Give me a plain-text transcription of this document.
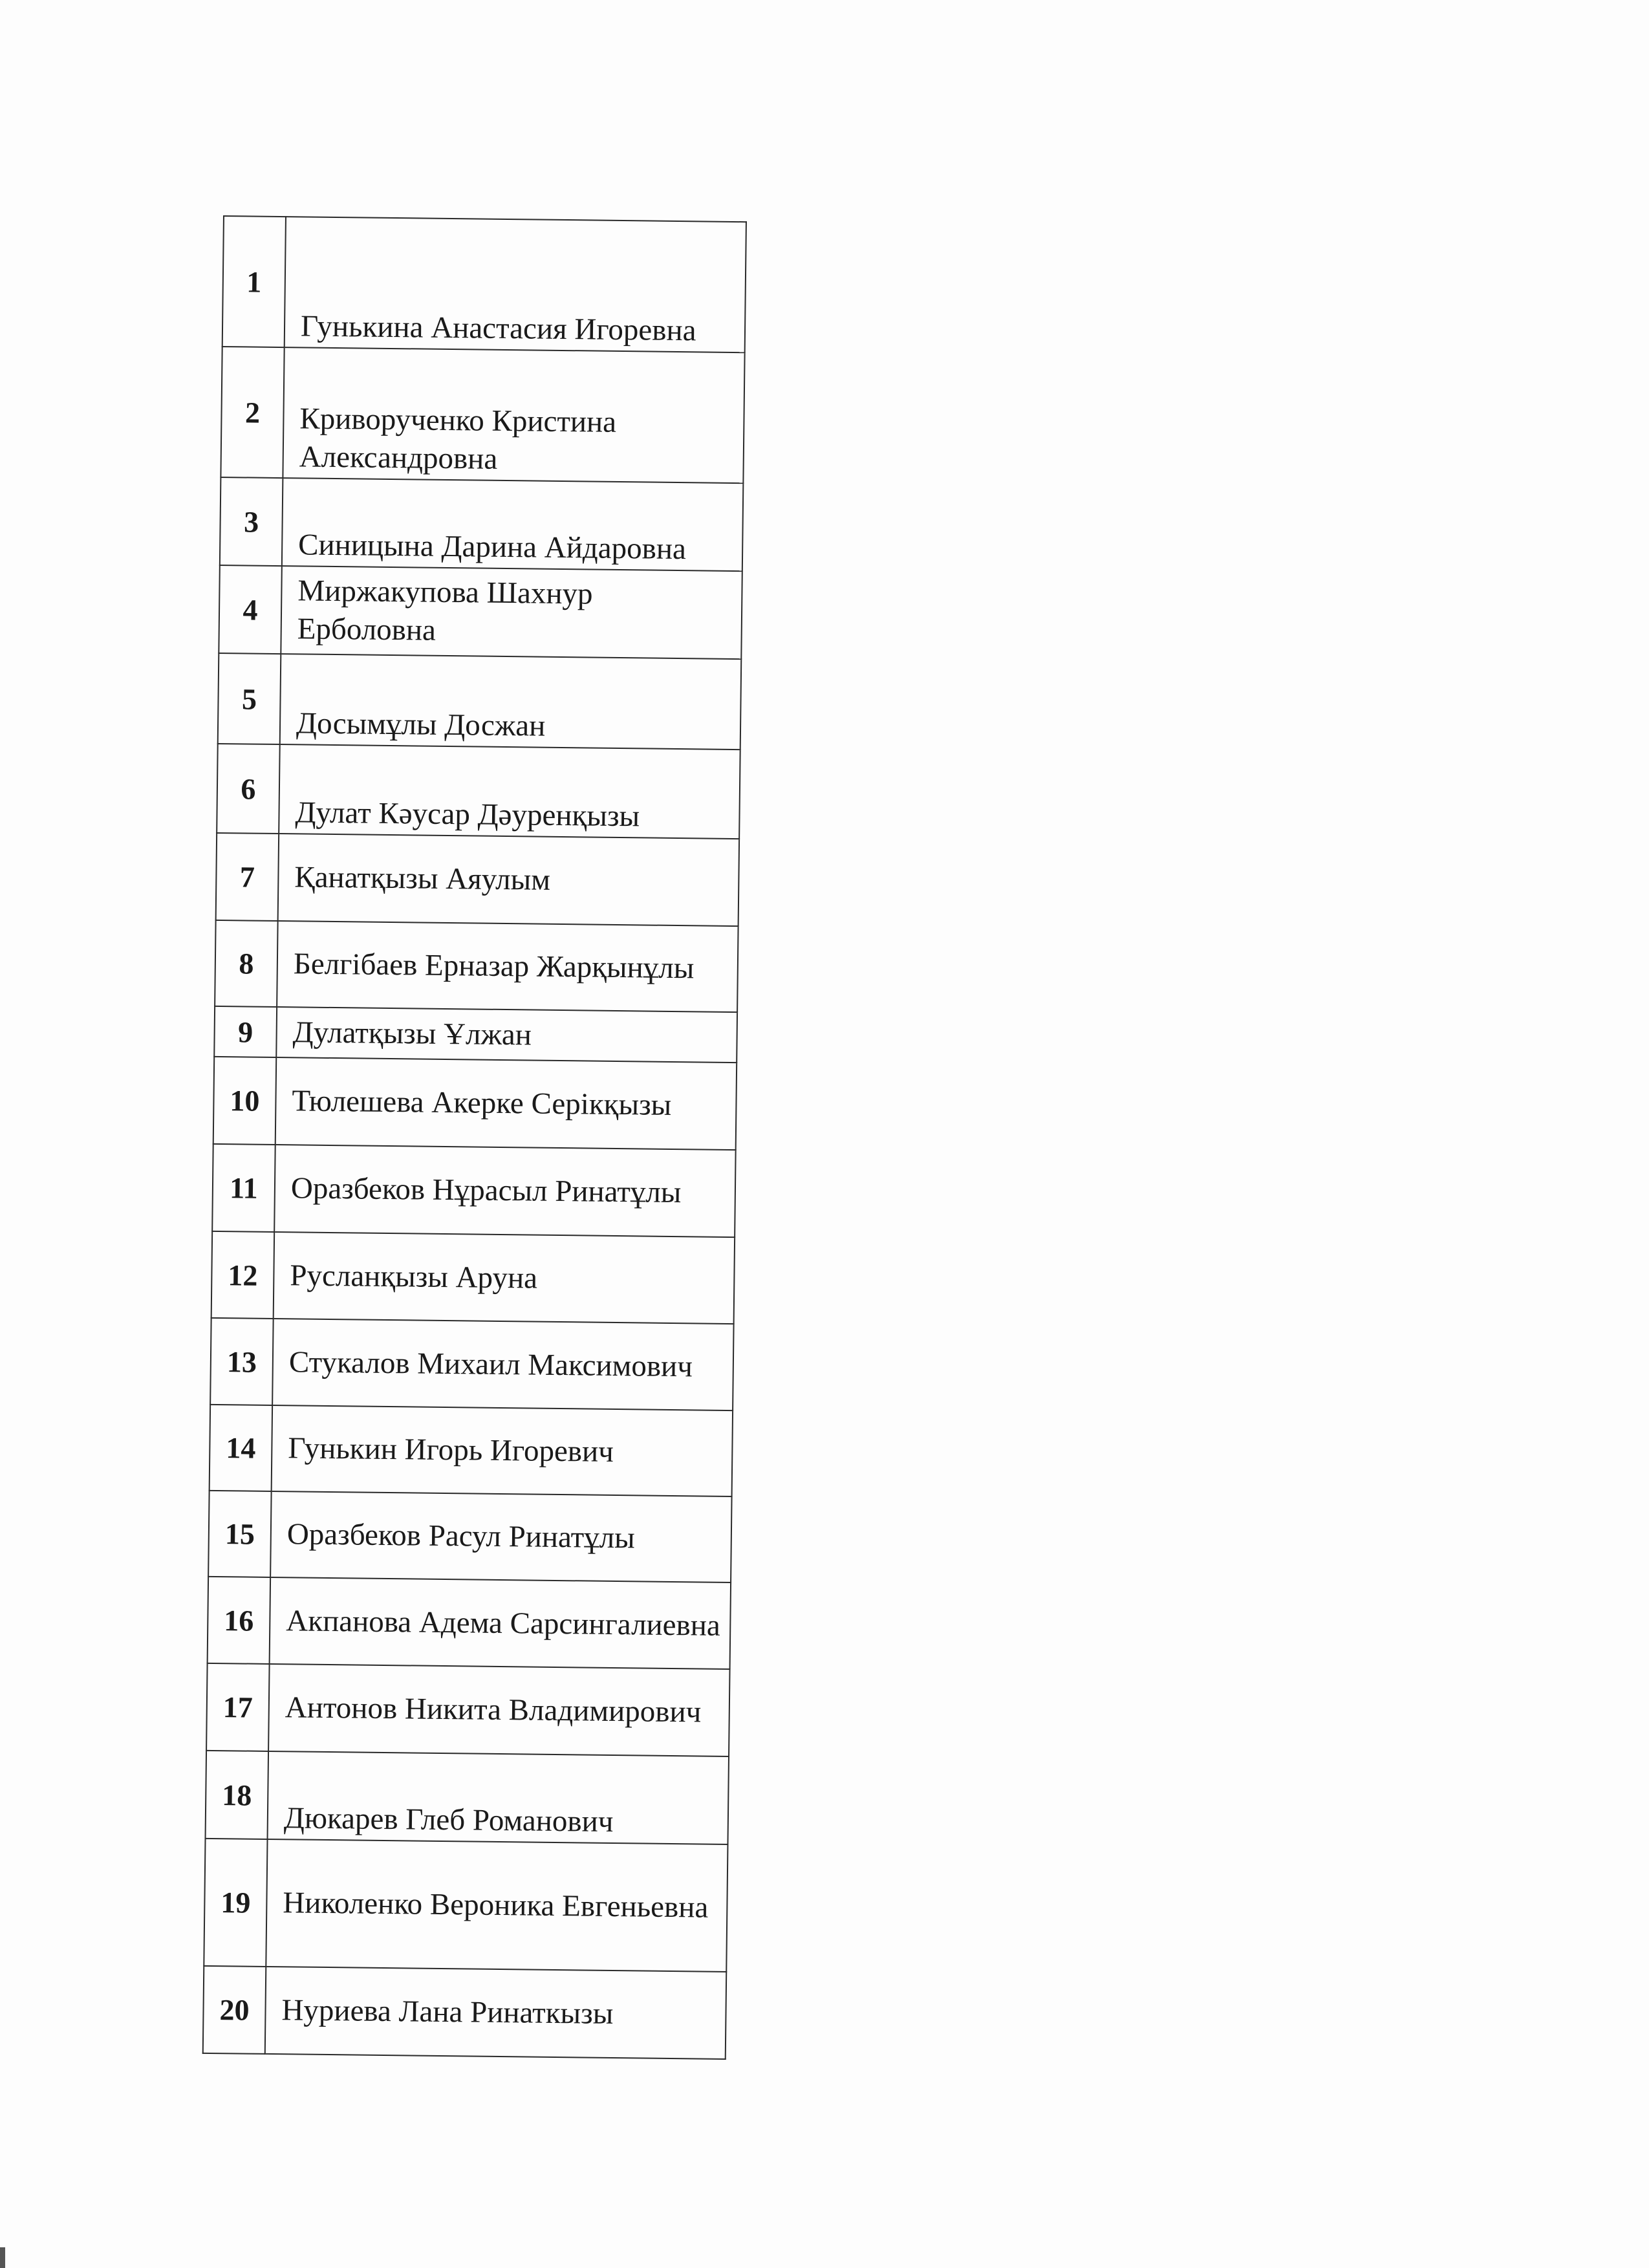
1	Гунькина Анастасия Игоревна
2	Криворученко Кристина Александровна
3	Синицына Дарина Айдаровна
4	Миржакупова Шахнур Ерболовна
5	Досымұлы Досжан
6	Дулат Кәусар Дәуренқызы
7	Қанатқызы Аяулым
8	Белгібаев Ерназар Жарқынұлы
9	Дулатқызы Ұлжан
10	Тюлешева Акерке Серікқызы
11	Оразбеков Нұрасыл Ринатұлы
12	Русланқызы Аруна
13	Стукалов Михаил Максимович
14	Гунькин Игорь Игоревич
15	Оразбеков Расул Ринатұлы
16	Акпанова Адема Сарсингалиевна
17	Антонов Никита Владимирович
18	Дюкарев Глеб Романович
19	Николенко Вероника Евгеньевна
20	Нуриева Лана Ринаткызы
